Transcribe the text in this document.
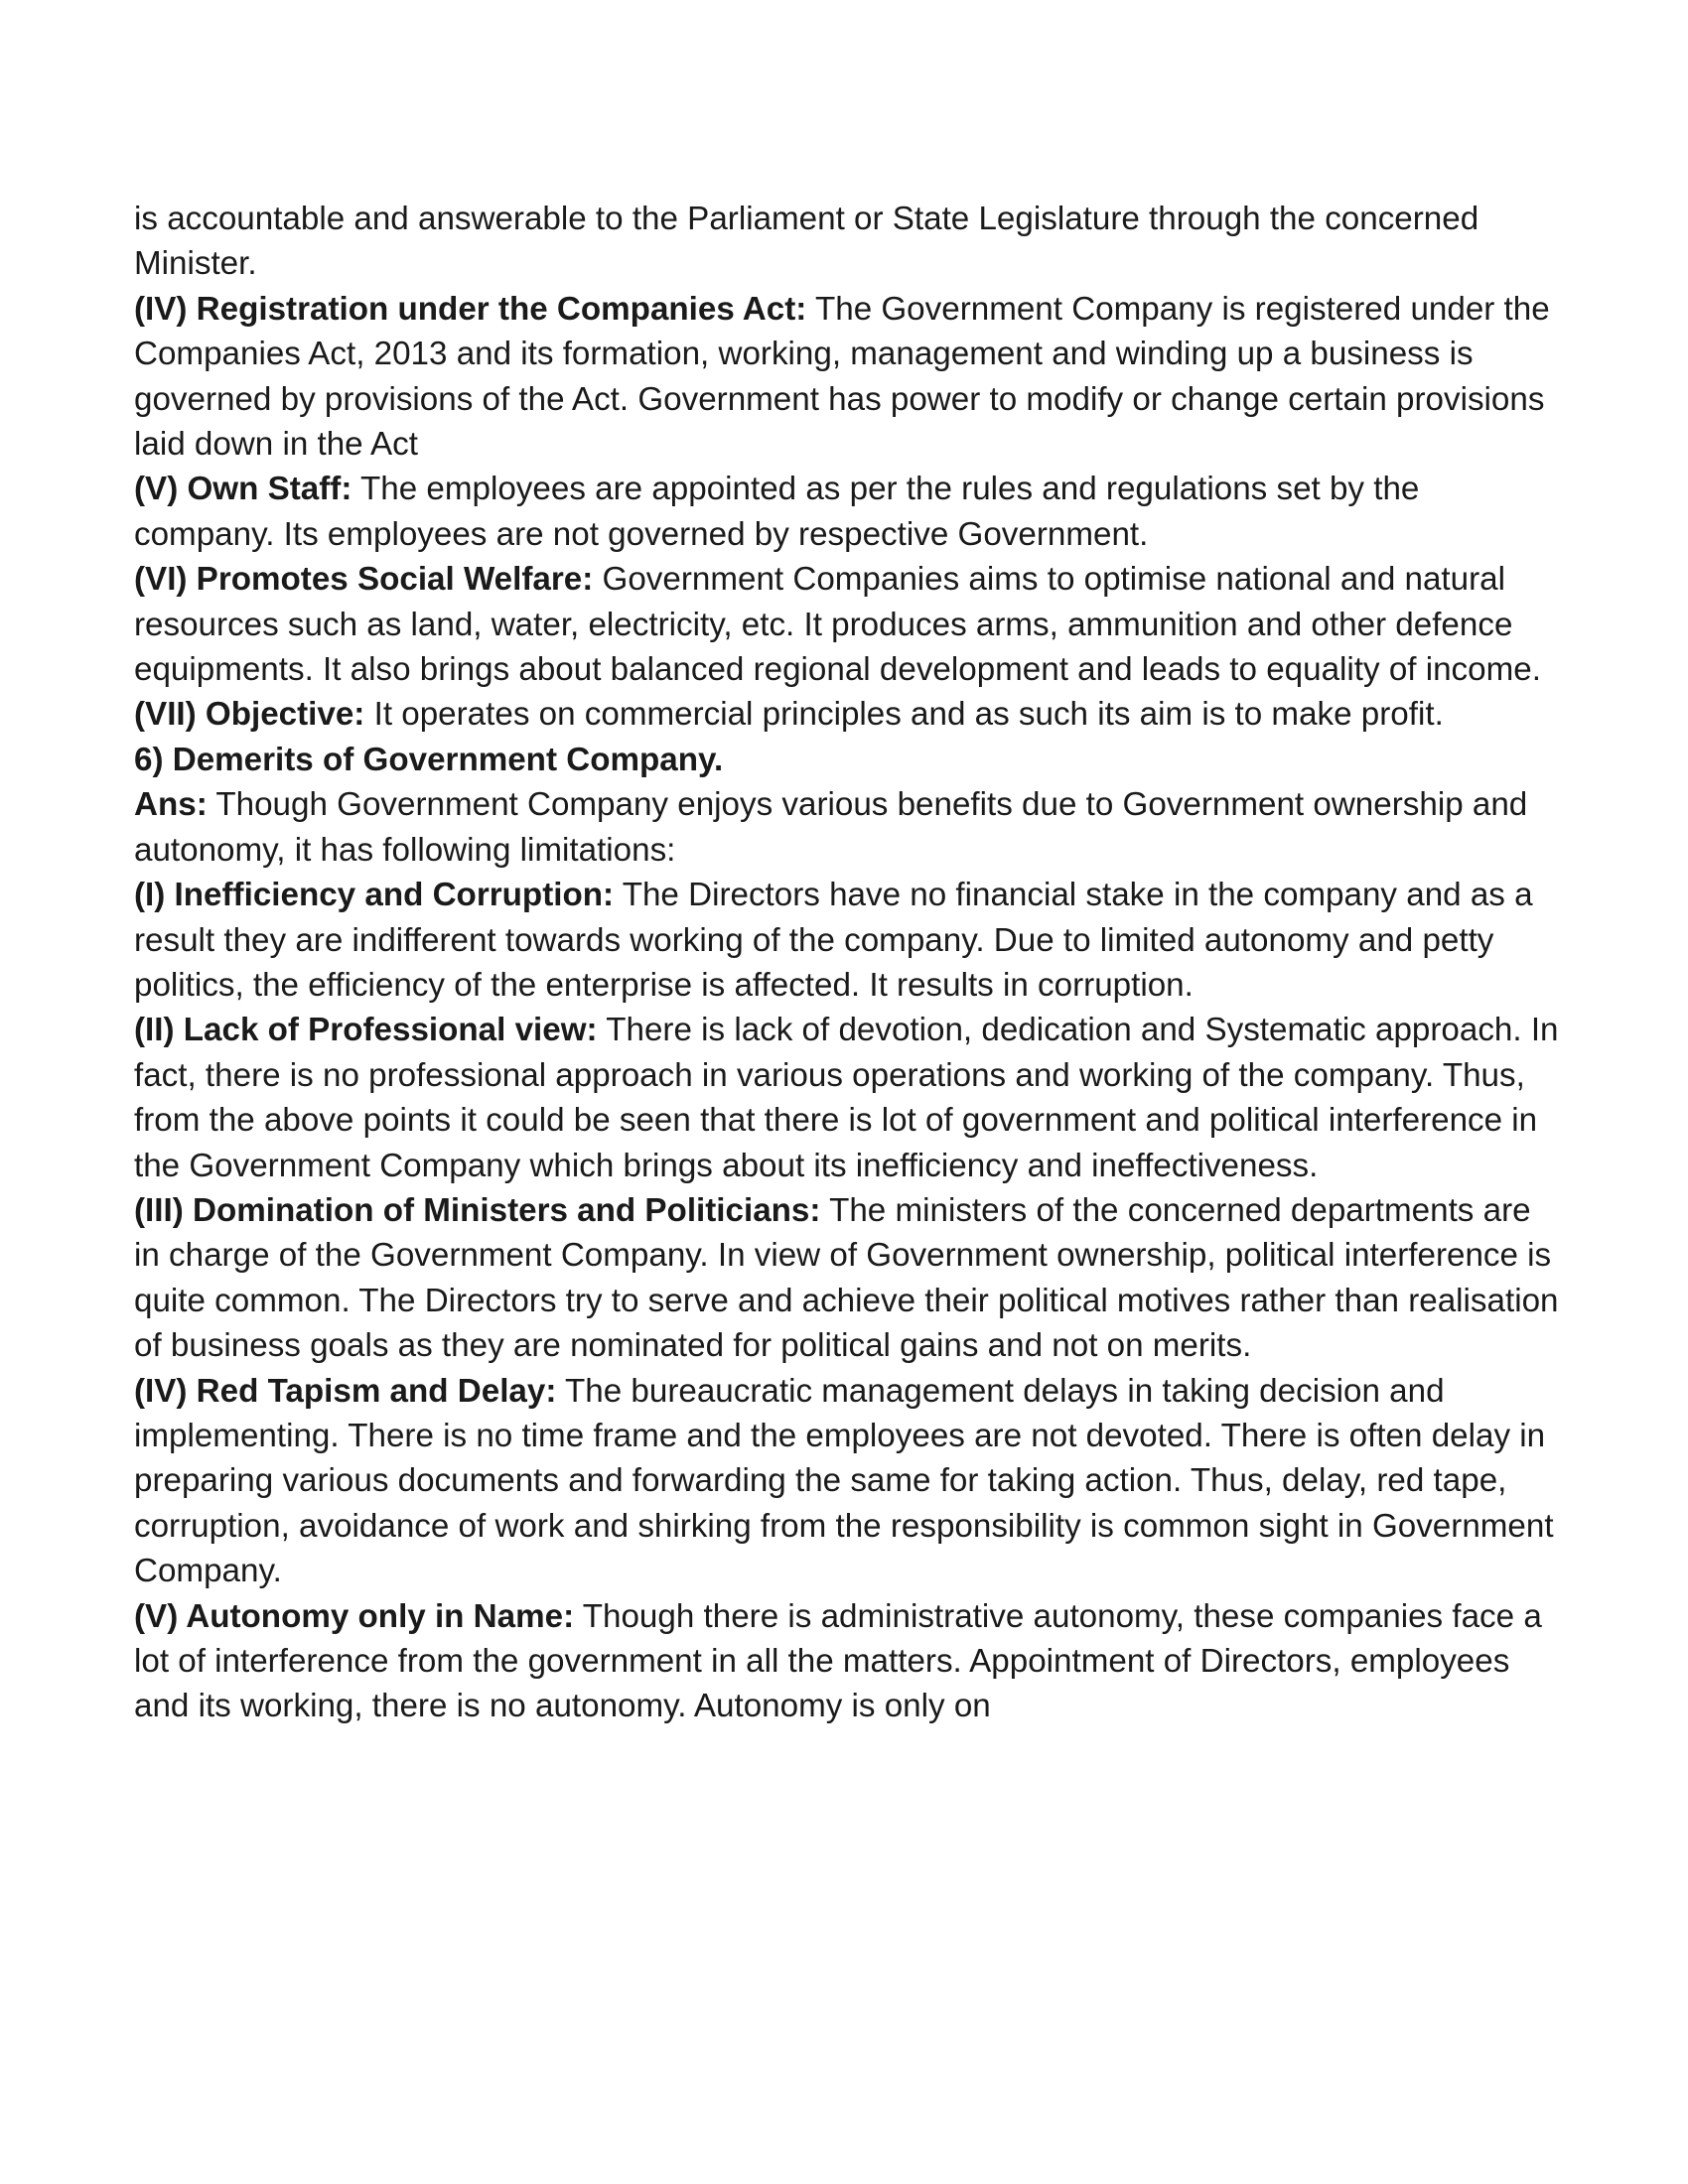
is accountable and answerable to the Parliament or State Legislature through the concerned Minister.

(IV) Registration under the Companies Act: The Government Company is registered under the Companies Act, 2013 and its formation, working, management and winding up a business is governed by provisions of the Act. Government has power to modify or change certain provisions laid down in the Act

(V) Own Staff: The employees are appointed as per the rules and regulations set by the company. Its employees are not governed by respective Government.

(VI) Promotes Social Welfare: Government Companies aims to optimise national and natural resources such as land, water, electricity, etc. It produces arms, ammunition and other defence equipments. It also brings about balanced regional development and leads to equality of income.

(VII) Objective: It operates on commercial principles and as such its aim is to make profit.

6) Demerits of Government Company.

Ans: Though Government Company enjoys various benefits due to Government ownership and autonomy, it has following limitations:

(I) Inefficiency and Corruption: The Directors have no financial stake in the company and as a result they are indifferent towards working of the company. Due to limited autonomy and petty politics, the efficiency of the enterprise is affected. It results in corruption.

(II) Lack of Professional view: There is lack of devotion, dedication and Systematic approach. In fact, there is no professional approach in various operations and working of the company. Thus, from the above points it could be seen that there is lot of government and political interference in the Government Company which brings about its inefficiency and ineffectiveness.

(III) Domination of Ministers and Politicians: The ministers of the concerned departments are in charge of the Government Company. In view of Government ownership, political interference is quite common. The Directors try to serve and achieve their political motives rather than realisation of business goals as they are nominated for political gains and not on merits.

(IV) Red Tapism and Delay: The bureaucratic management delays in taking decision and implementing. There is no time frame and the employees are not devoted. There is often delay in preparing various documents and forwarding the same for taking action. Thus, delay, red tape, corruption, avoidance of work and shirking from the responsibility is common sight in Government Company.

(V) Autonomy only in Name: Though there is administrative autonomy, these companies face a lot of interference from the government in all the matters. Appointment of Directors, employees and its working, there is no autonomy. Autonomy is only on
